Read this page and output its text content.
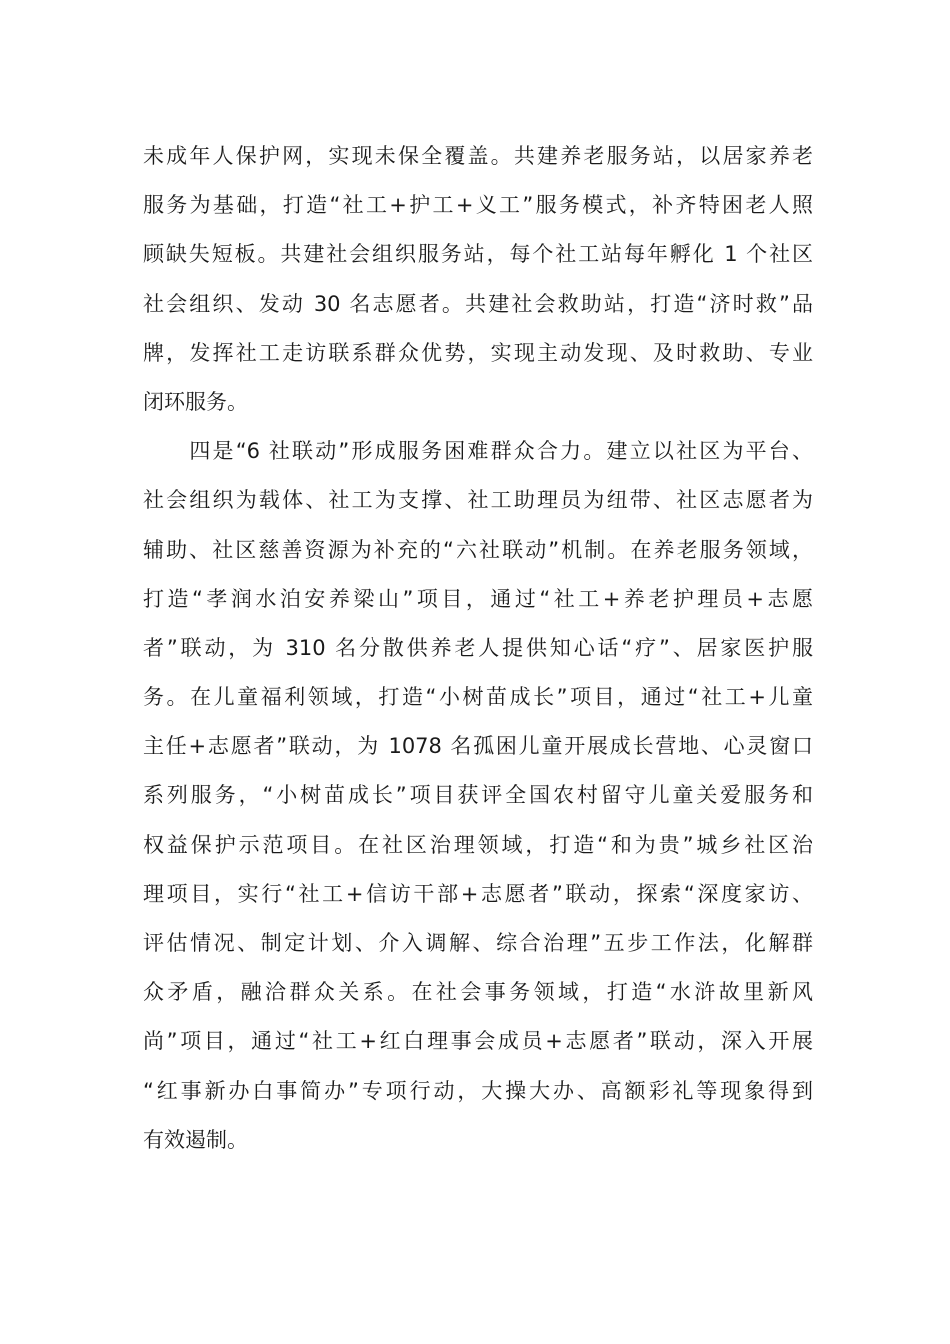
未成年人保护网，实现未保全覆盖。共建养老服务站，以居家养老
服务为基础，打造“社工+护工+义工”服务模式，补齐特困老人照
顾缺失短板。共建社会组织服务站，每个社工站每年孵化 1 个社区
社会组织、发动 30 名志愿者。共建社会救助站，打造“济时救”品
牌，发挥社工走访联系群众优势，实现主动发现、及时救助、专业
闭环服务。
　　四是“6 社联动”形成服务困难群众合力。建立以社区为平台、
社会组织为载体、社工为支撑、社工助理员为纽带、社区志愿者为
辅助、社区慈善资源为补充的“六社联动”机制。在养老服务领域，
打造“孝润水泊安养梁山”项目，通过“社工+养老护理员+志愿
者”联动，为 310 名分散供养老人提供知心话“疗”、居家医护服
务。在儿童福利领域，打造“小树苗成长”项目，通过“社工+儿童
主任+志愿者”联动，为 1078 名孤困儿童开展成长营地、心灵窗口
系列服务，“小树苗成长”项目获评全国农村留守儿童关爱服务和
权益保护示范项目。在社区治理领域，打造“和为贵”城乡社区治
理项目，实行“社工+信访干部+志愿者”联动，探索“深度家访、
评估情况、制定计划、介入调解、综合治理”五步工作法，化解群
众矛盾，融洽群众关系。在社会事务领域，打造“水浒故里新风
尚”项目，通过“社工+红白理事会成员+志愿者”联动，深入开展
“红事新办白事简办”专项行动，大操大办、高额彩礼等现象得到
有效遏制。
